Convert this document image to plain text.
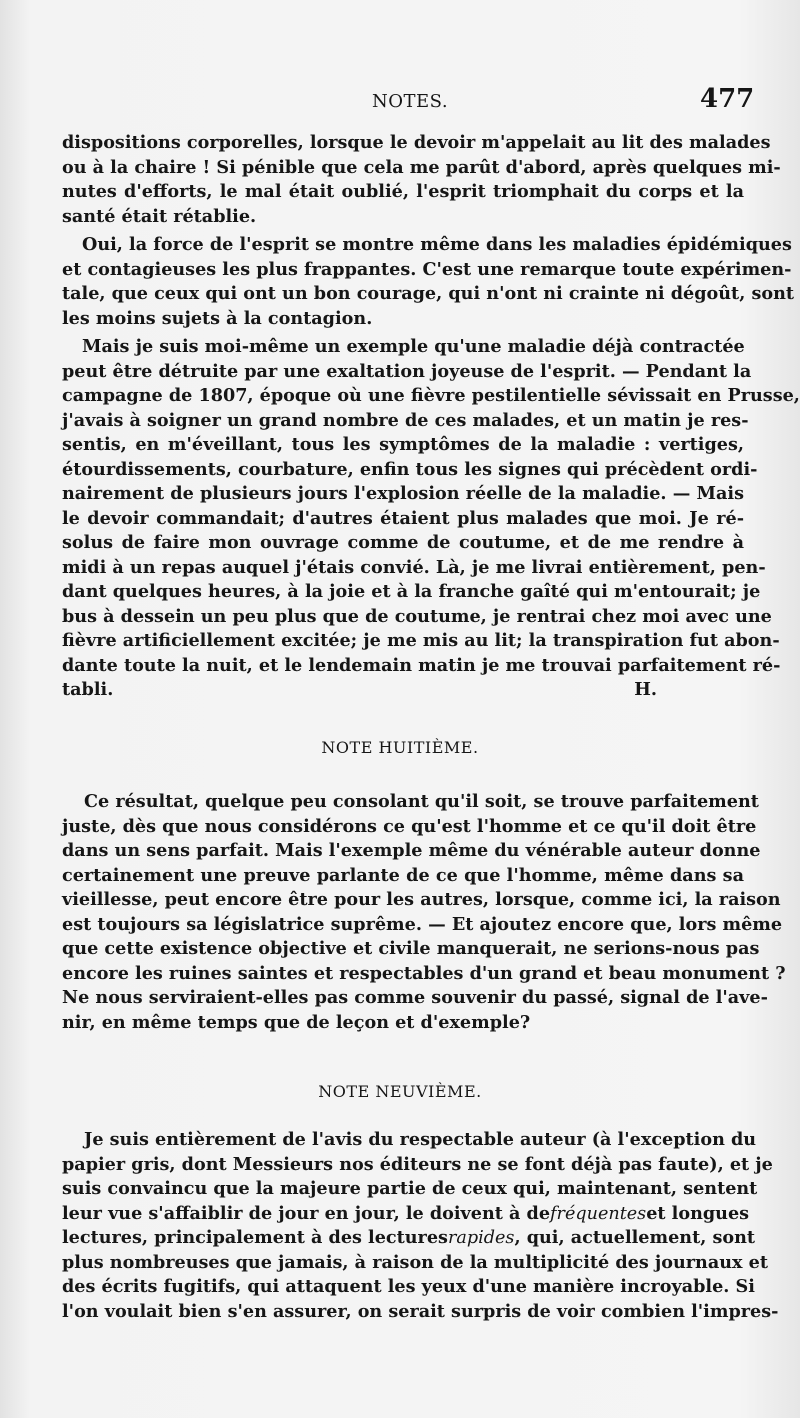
NOTES.	477
dispositions corporelles, lorsque le devoir m'appelait au lit des malades
ou à la chaire ! Si pénible que cela me parût d'abord, après quelques mi-
nutes d'efforts, le mal était oublié, l'esprit triomphait du corps et la
santé était rétablie.
Oui, la force de l'esprit se montre même dans les maladies épidémiques
et contagieuses les plus frappantes. C'est une remarque toute expérimen-
tale, que ceux qui ont un bon courage, qui n'ont ni crainte ni dégoût, sont
les moins sujets à la contagion.
Mais je suis moi-même un exemple qu'une maladie déjà contractée
peut être détruite par une exaltation joyeuse de l'esprit. — Pendant la
campagne de 1807, époque où une fièvre pestilentielle sévissait en Prusse,
j'avais à soigner un grand nombre de ces malades, et un matin je res-
sentis, en m'éveillant, tous les symptômes de la maladie : vertiges,
étourdissements, courbature, enfin tous les signes qui précèdent ordi-
nairement de plusieurs jours l'explosion réelle de la maladie. — Mais
le devoir commandait; d'autres étaient plus malades que moi. Je ré-
solus de faire mon ouvrage comme de coutume, et de me rendre à
midi à un repas auquel j'étais convié. Là, je me livrai entièrement, pen-
dant quelques heures, à la joie et à la franche gaîté qui m'entourait; je
bus à dessein un peu plus que de coutume, je rentrai chez moi avec une
fièvre artificiellement excitée; je me mis au lit; la transpiration fut abon-
dante toute la nuit, et le lendemain matin je me trouvai parfaitement ré-
tabli.	H.
NOTE HUITIÈME.
Ce résultat, quelque peu consolant qu'il soit, se trouve parfaitement
juste, dès que nous considérons ce qu'est l'homme et ce qu'il doit être
dans un sens parfait. Mais l'exemple même du vénérable auteur donne
certainement une preuve parlante de ce que l'homme, même dans sa
vieillesse, peut encore être pour les autres, lorsque, comme ici, la raison
est toujours sa législatrice suprême. — Et ajoutez encore que, lors même
que cette existence objective et civile manquerait, ne serions-nous pas
encore les ruines saintes et respectables d'un grand et beau monument ?
Ne nous serviraient-elles pas comme souvenir du passé, signal de l'ave-
nir, en même temps que de leçon et d'exemple?
NOTE NEUVIÈME.
Je suis entièrement de l'avis du respectable auteur (à l'exception du
papier gris, dont Messieurs nos éditeurs ne se font déjà pas faute), et je
suis convaincu que la majeure partie de ceux qui, maintenant, sentent
leur vue s'affaiblir de jour en jour, le doivent à de fréquentes et longues
lectures, principalement à des lectures rapides , qui, actuellement, sont
plus nombreuses que jamais, à raison de la multiplicité des journaux et
des écrits fugitifs, qui attaquent les yeux d'une manière incroyable. Si
l'on voulait bien s'en assurer, on serait surpris de voir combien l'impres-
